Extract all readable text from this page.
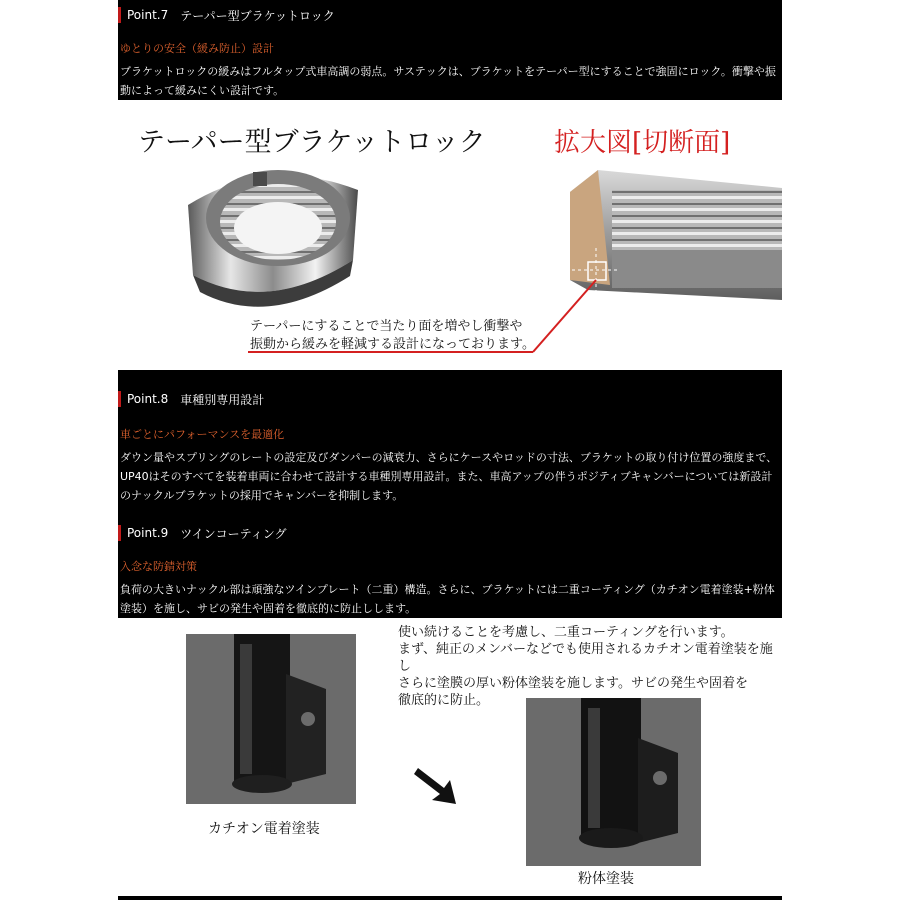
Point.7 テーパー型ブラケットロック
ゆとりの安全（緩み防止）設計
ブラケットロックの緩みはフルタップ式車高調の弱点。サステックは、ブラケットをテーパー型にすることで強固にロック。衝撃や振動によって緩みにくい設計です。
テーパー型ブラケットロック	拡大図[切断面]
テーパーにすることで当たり面を増やし衝撃や
振動から緩みを軽減する設計になっております。
Point.8 車種別専用設計
車ごとにパフォーマンスを最適化
ダウン量やスプリングのレートの設定及びダンパーの減衰力、さらにケースやロッドの寸法、ブラケットの取り付け位置の強度まで、UP40はそのすべてを装着車両に合わせて設計する車種別専用設計。また、車高アップの伴うポジティブキャンバーについては新設計のナックルブラケットの採用でキャンバーを抑制します。
Point.9 ツインコーティング
入念な防錆対策
負荷の大きいナックル部は頑強なツインプレート（二重）構造。さらに、ブラケットには二重コーティング（カチオン電着塗装+粉体塗装）を施し、サビの発生や固着を徹底的に防止しします。
カチオン電着塗装
使い続けることを考慮し、二重コーティングを行います。
まず、純正のメンバーなどでも使用されるカチオン電着塗装を施し
さらに塗膜の厚い粉体塗装を施します。サビの発生や固着を
徹底的に防止。
粉体塗装
